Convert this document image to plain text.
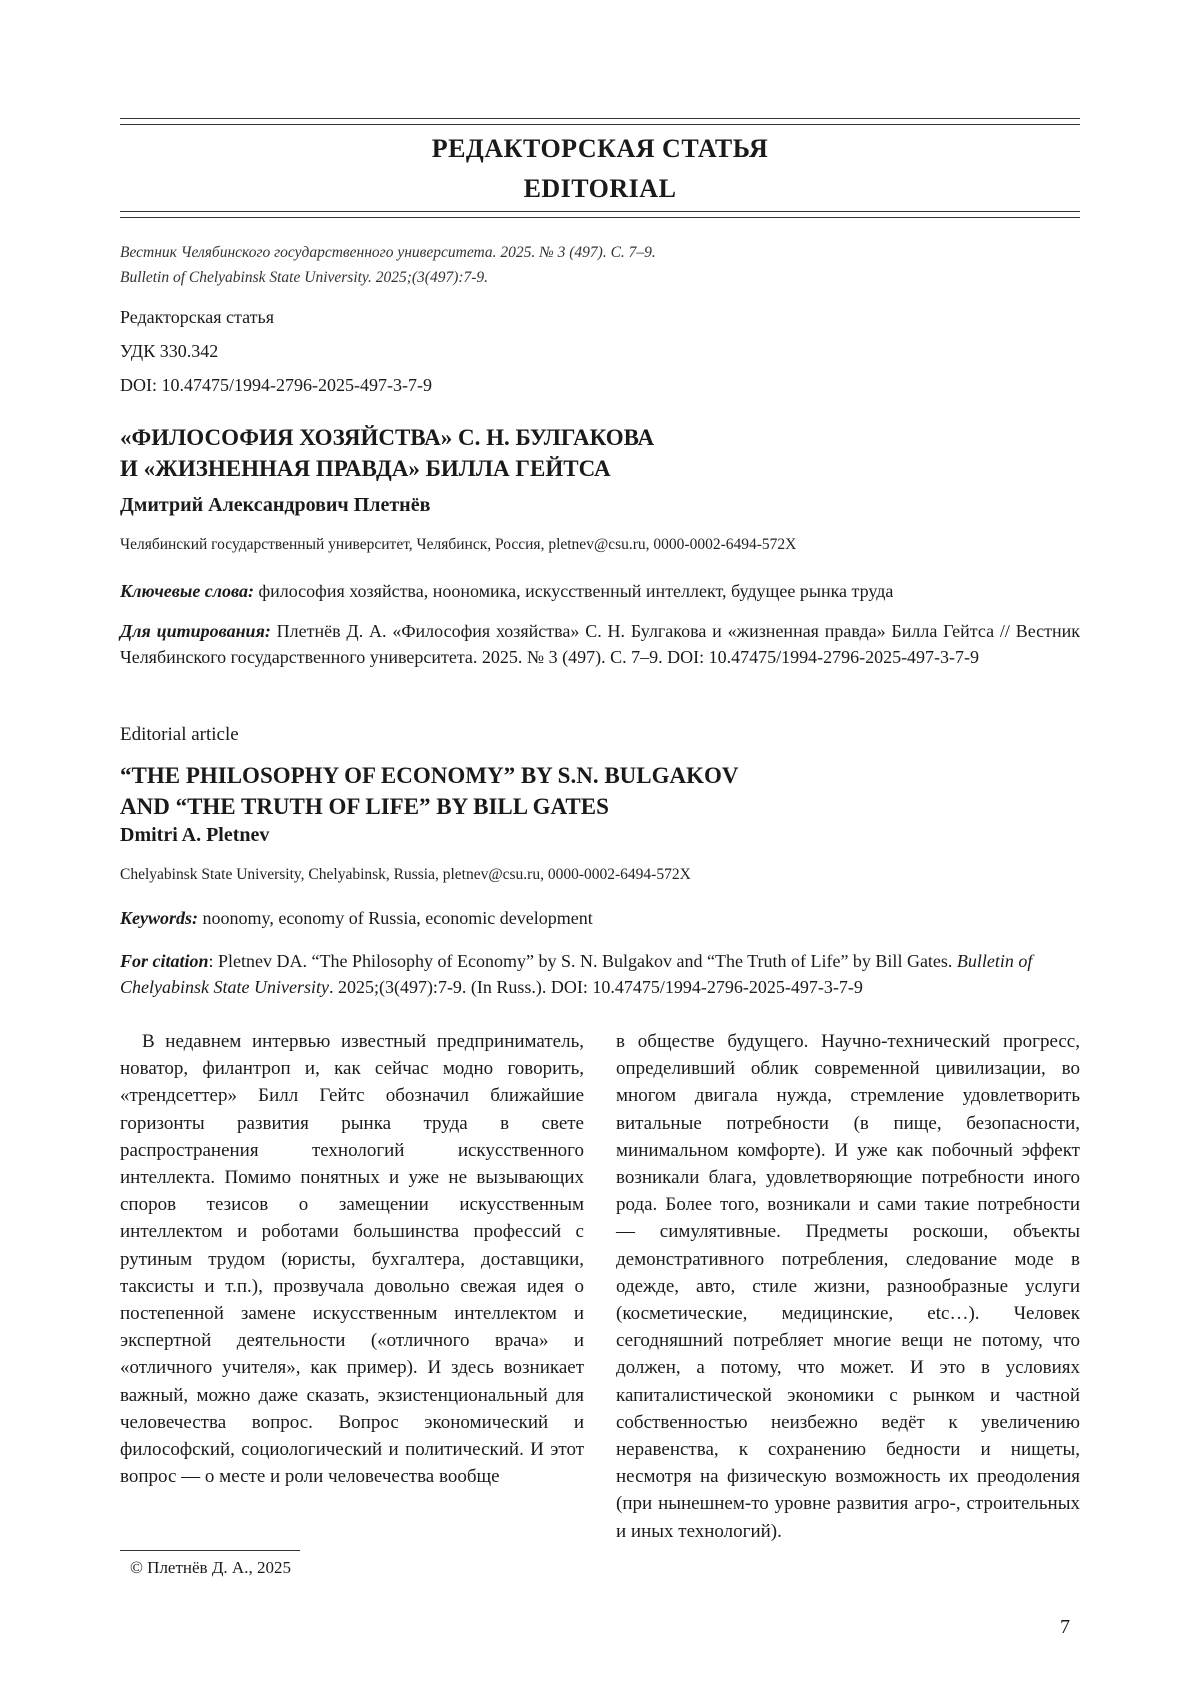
РЕДАКТОРСКАЯ СТАТЬЯ
EDITORIAL
Вестник Челябинского государственного университета. 2025. № 3 (497). С. 7–9.
Bulletin of Chelyabinsk State University. 2025;(3(497):7-9.
Редакторская статья
УДК 330.342
DOI: 10.47475/1994-2796-2025-497-3-7-9
«ФИЛОСОФИЯ ХОЗЯЙСТВА» С. Н. БУЛГАКОВА
И «ЖИЗНЕННАЯ ПРАВДА» БИЛЛА ГЕЙТСА
Дмитрий Александрович Плетнёв
Челябинский государственный университет, Челябинск, Россия, pletnev@csu.ru, 0000-0002-6494-572X
Ключевые слова: философия хозяйства, ноономика, искусственный интеллект, будущее рынка труда
Для цитирования: Плетнёв Д. А. «Философия хозяйства» С. Н. Булгакова и «жизненная правда» Билла Гейтса // Вестник Челябинского государственного университета. 2025. № 3 (497). С. 7–9. DOI: 10.47475/1994-2796-2025-497-3-7-9
Editorial article
“THE PHILOSOPHY OF ECONOMY” BY S.N. BULGAKOV
AND “THE TRUTH OF LIFE” BY BILL GATES
Dmitri A. Pletnev
Chelyabinsk State University, Chelyabinsk, Russia, pletnev@csu.ru, 0000-0002-6494-572X
Keywords: noonomy, economy of Russia, economic development
For citation: Pletnev DA. “The Philosophy of Economy” by S. N. Bulgakov and “The Truth of Life” by Bill Gates. Bulletin of Chelyabinsk State University. 2025;(3(497):7-9. (In Russ.). DOI: 10.47475/1994-2796-2025-497-3-7-9

В недавнем интервью известный предприниматель, новатор, филантроп и, как сейчас модно говорить, «трендсеттер» Билл Гейтс обозначил ближайшие горизонты развития рынка труда в свете распространения технологий искусственного интеллекта. Помимо понятных и уже не вызывающих споров тезисов о замещении искусственным интеллектом и роботами большинства профессий с рутиным трудом (юристы, бухгалтера, доставщики, таксисты и т.п.), прозвучала довольно свежая идея о постепенной замене искусственным интеллектом и экспертной деятельности («отличного врача» и «отличного учителя», как пример). И здесь возникает важный, можно даже сказать, экзистенциональный для человечества вопрос. Вопрос экономический и философский, социологический и политический. И этот вопрос — о месте и роли человечества вообще

в обществе будущего. Научно-технический прогресс, определивший облик современной цивилизации, во многом двигала нужда, стремление удовлетворить витальные потребности (в пище, безопасности, минимальном комфорте). И уже как побочный эффект возникали блага, удовлетворяющие потребности иного рода. Более того, возникали и сами такие потребности — симулятивные. Предметы роскоши, объекты демонстративного потребления, следование моде в одежде, авто, стиле жизни, разнообразные услуги (косметические, медицинские, etc…). Человек сегодняшний потребляет многие вещи не потому, что должен, а потому, что может. И это в условиях капиталистической экономики с рынком и частной собственностью неизбежно ведёт к увеличению неравенства, к сохранению бедности и нищеты, несмотря на физическую возможность их преодоления (при нынешнем-то уровне развития агро-, строительных и иных технологий).

© Плетнёв Д. А., 2025
7
